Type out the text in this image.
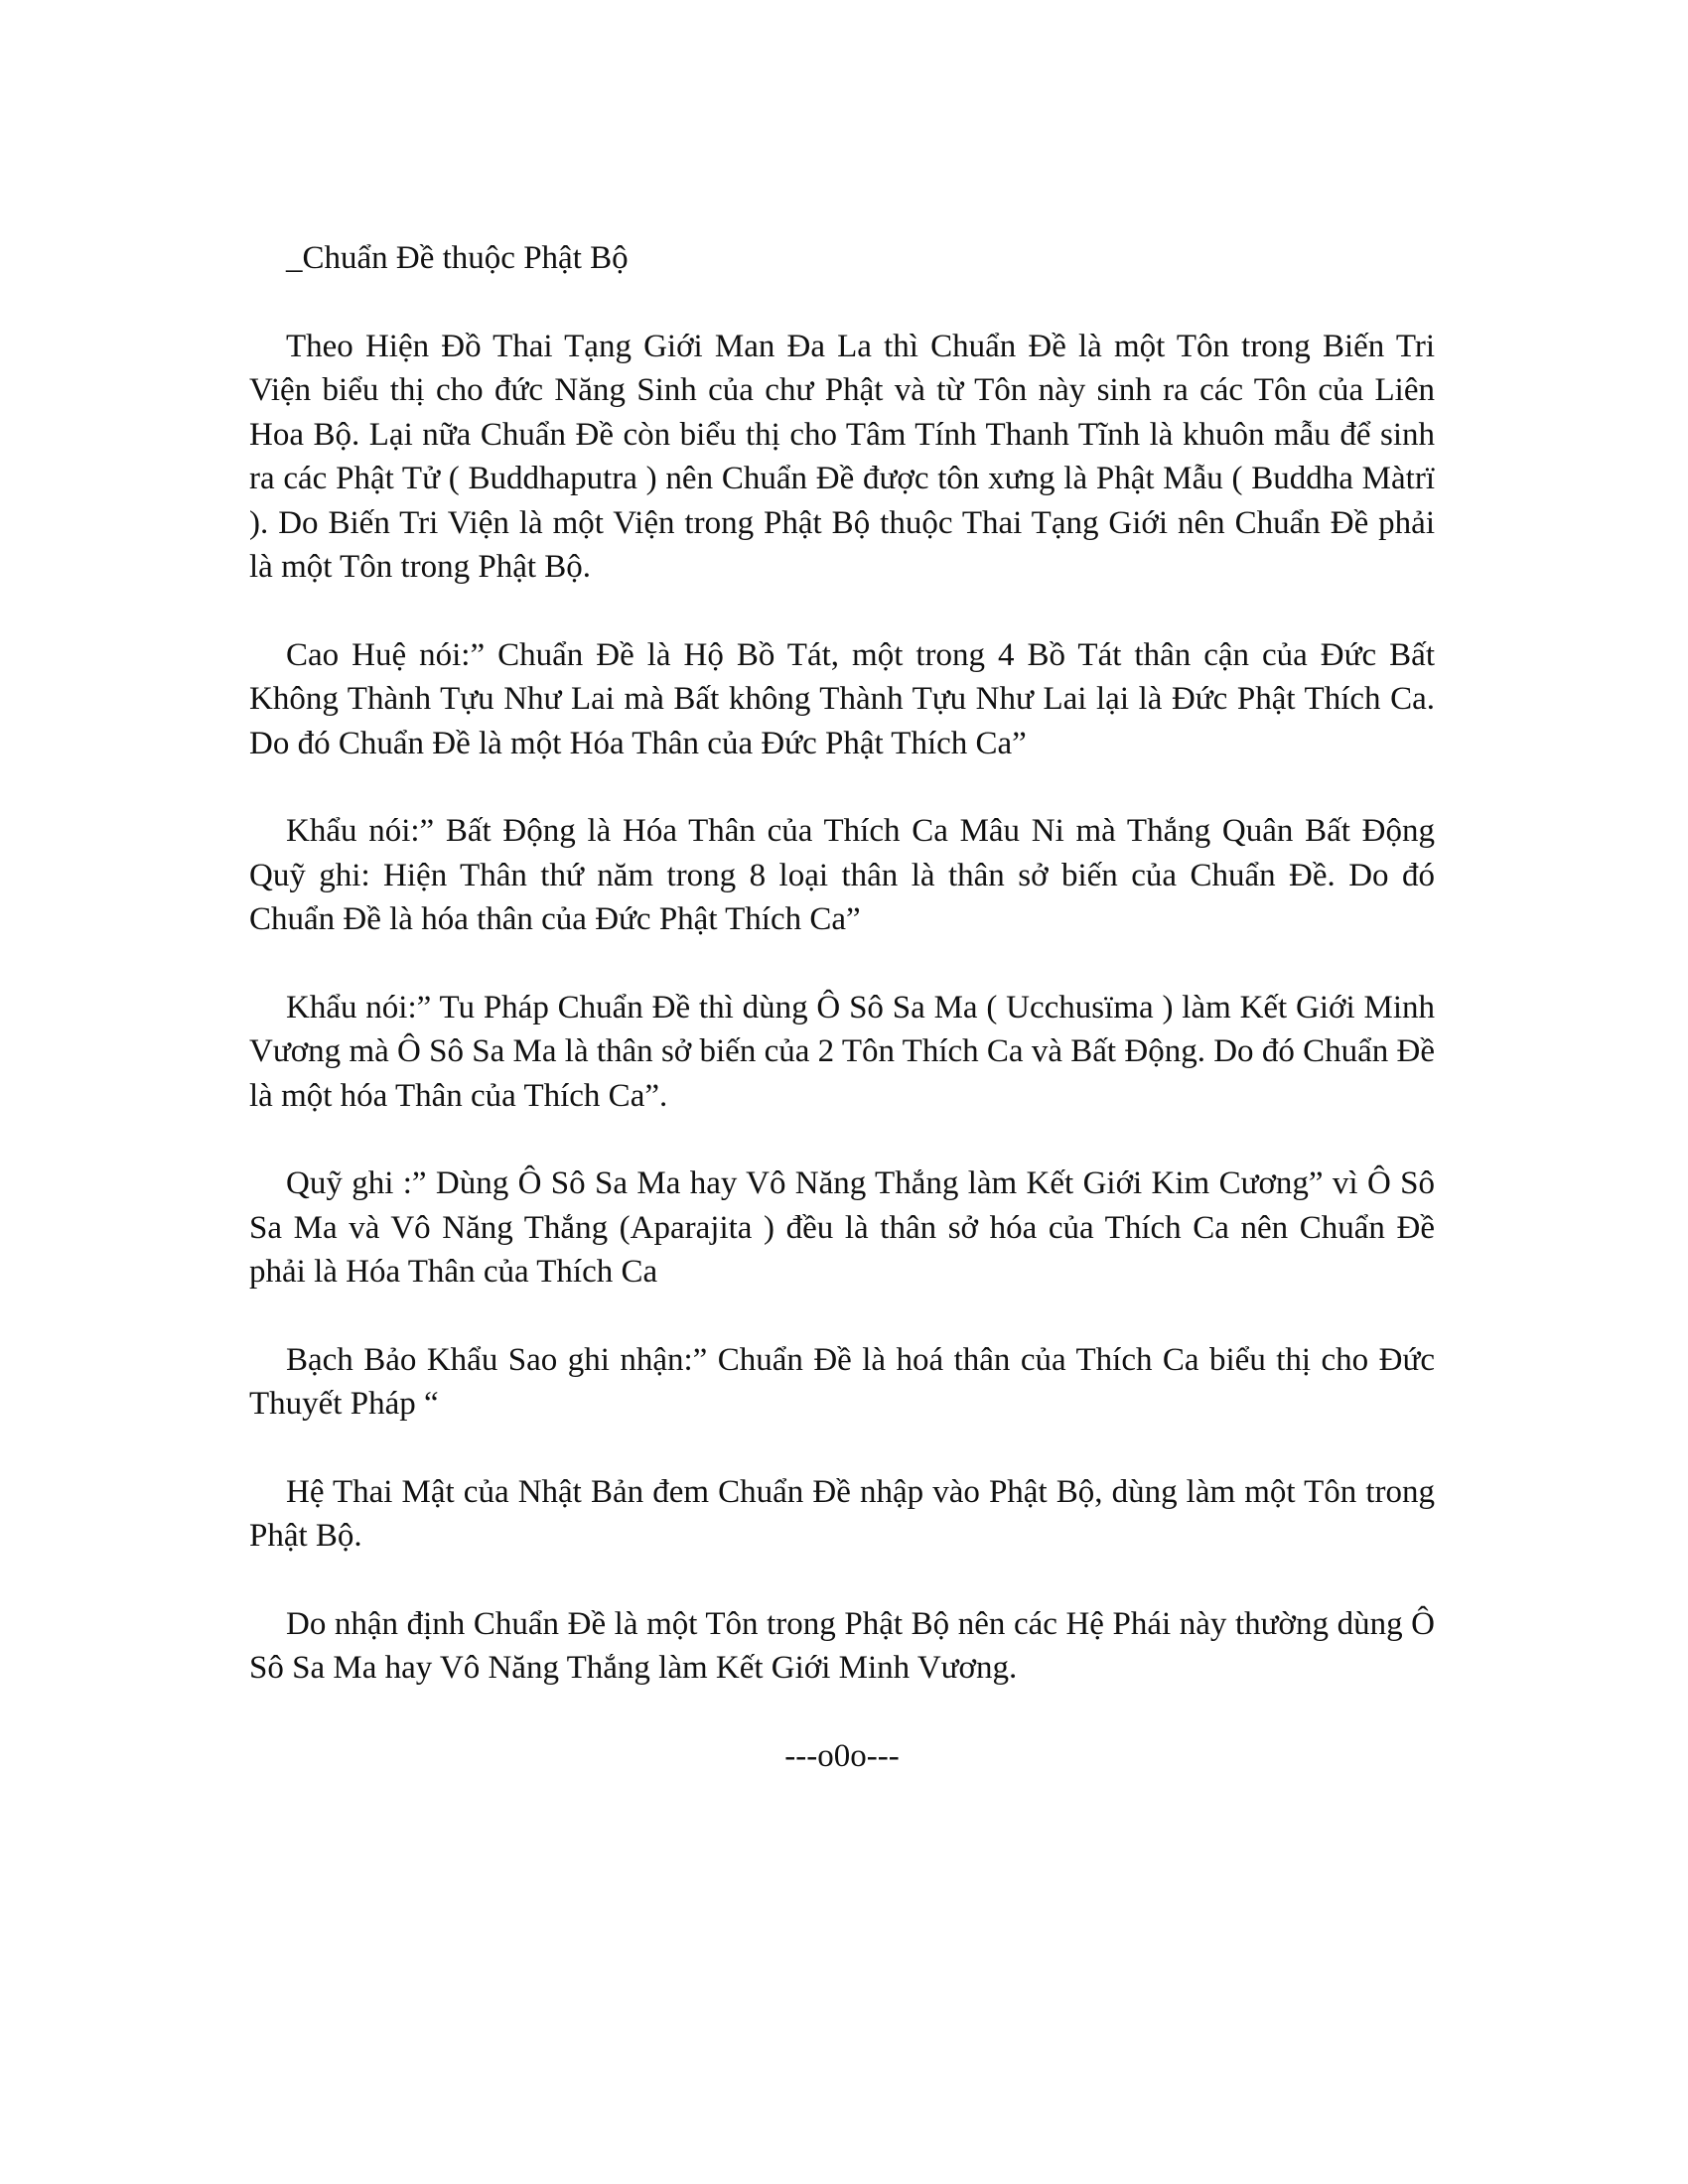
_Chuẩn Đề thuộc Phật Bộ

Theo Hiện Đồ Thai Tạng Giới Man Đa La thì Chuẩn Đề là một Tôn trong Biến Tri Viện biểu thị cho đức Năng Sinh của chư Phật và từ Tôn này sinh ra các Tôn của Liên Hoa Bộ. Lại nữa Chuẩn Đề còn biểu thị cho Tâm Tính Thanh Tĩnh là khuôn mẫu để sinh ra các Phật Tử ( Buddhaputra ) nên Chuẩn Đề được tôn xưng là Phật Mẫu ( Buddha Màtrï ). Do Biến Tri Viện là một Viện trong Phật Bộ thuộc Thai Tạng Giới nên Chuẩn Đề phải là một Tôn trong Phật Bộ.

Cao Huệ nói:” Chuẩn Đề là Hộ Bồ Tát, một trong 4 Bồ Tát thân cận của Đức Bất Không Thành Tựu Như Lai mà Bất không Thành Tựu Như Lai lại là Đức Phật Thích Ca. Do đó Chuẩn Đề là một Hóa Thân của Đức Phật Thích Ca”

Khẩu nói:” Bất Động là Hóa Thân của Thích Ca Mâu Ni mà Thắng Quân Bất Động Quỹ ghi: Hiện Thân thứ năm trong 8 loại thân là thân sở biến của Chuẩn Đề. Do đó Chuẩn Đề là hóa thân của Đức Phật Thích Ca”

Khẩu nói:” Tu Pháp Chuẩn Đề thì dùng Ô Sô Sa Ma ( Ucchusïma ) làm Kết Giới Minh Vương mà Ô Sô Sa Ma là thân sở biến của 2 Tôn Thích Ca và Bất Động. Do đó Chuẩn Đề là một hóa Thân của Thích Ca”.

Quỹ ghi :” Dùng Ô Sô Sa Ma hay Vô Năng Thắng làm Kết Giới Kim Cương” vì Ô Sô Sa Ma và Vô Năng Thắng (Aparajita ) đều là thân sở hóa của Thích Ca nên Chuẩn Đề phải là Hóa Thân của Thích Ca

Bạch Bảo Khẩu Sao ghi nhận:” Chuẩn Đề là hoá thân của Thích Ca biểu thị cho Đức Thuyết Pháp “

Hệ Thai Mật của Nhật Bản đem Chuẩn Đề nhập vào Phật Bộ, dùng làm một Tôn trong Phật Bộ.

Do nhận định Chuẩn Đề là một Tôn trong Phật Bộ nên các Hệ Phái này thường dùng Ô Sô Sa Ma hay Vô Năng Thắng làm Kết Giới Minh Vương.

---o0o---
